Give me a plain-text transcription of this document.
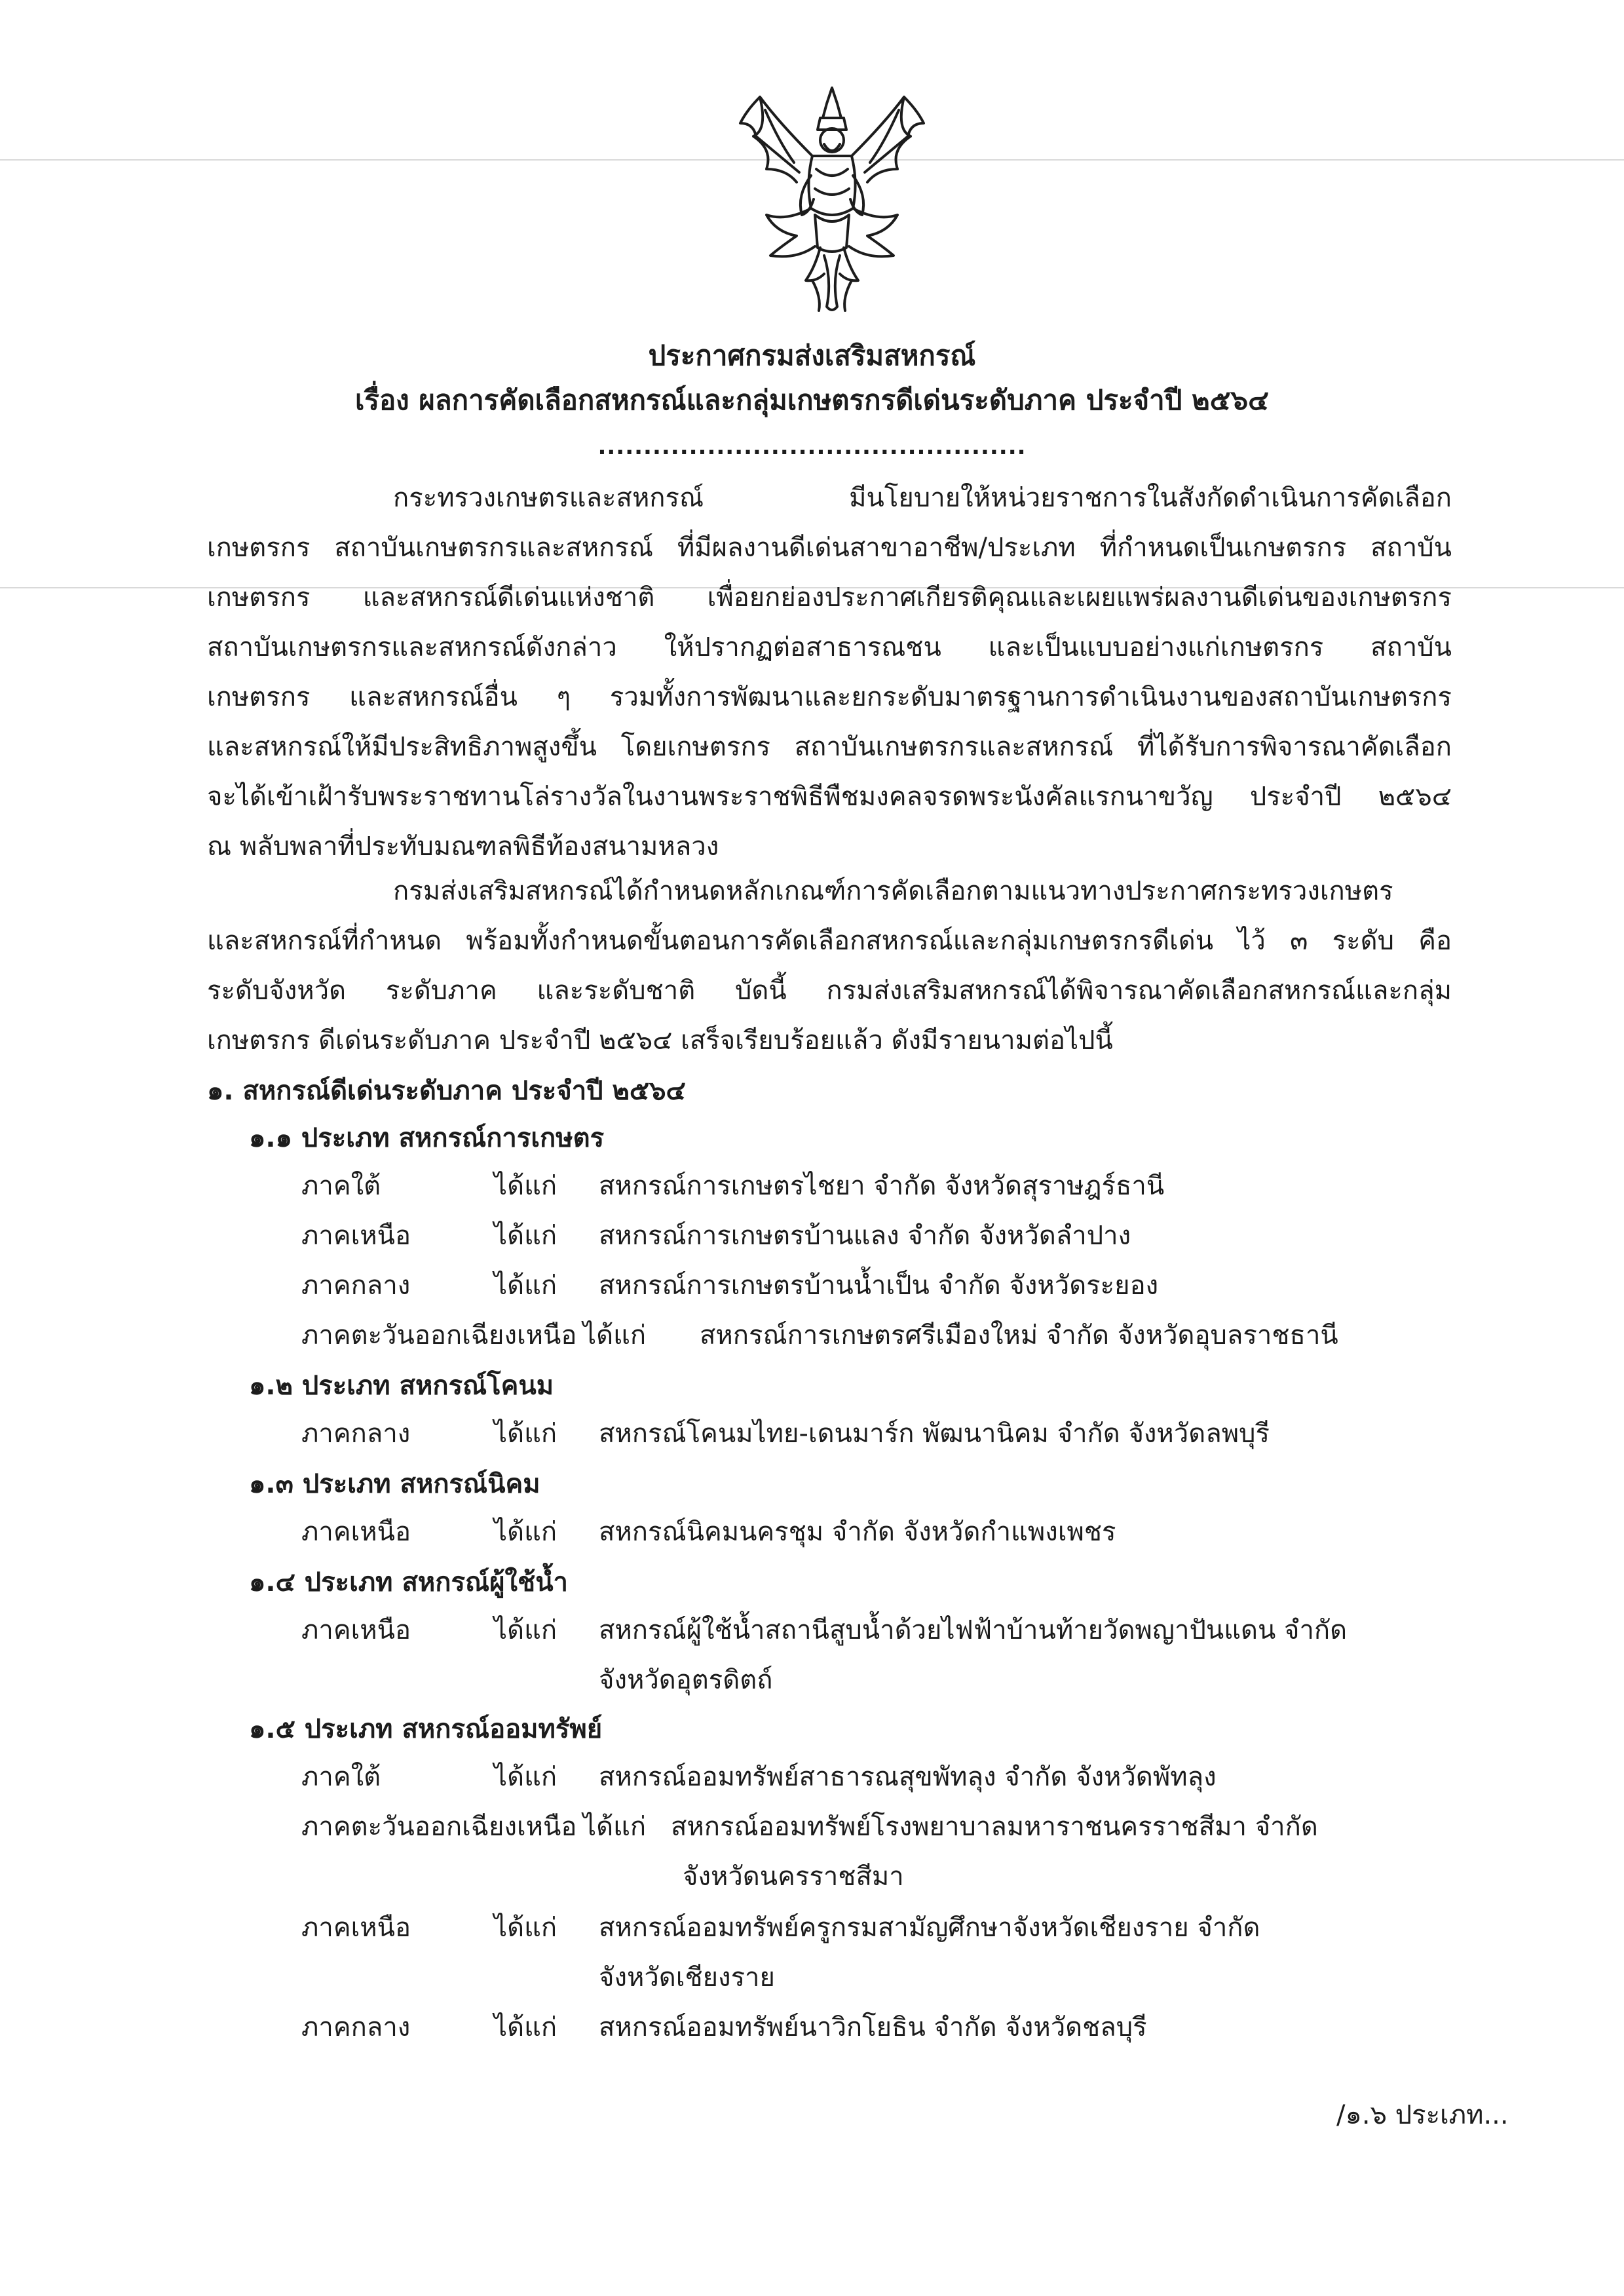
ประกาศกรมส่งเสริมสหกรณ์
เรื่อง ผลการคัดเลือกสหกรณ์และกลุ่มเกษตรกรดีเด่นระดับภาค ประจำปี ๒๕๖๔
...............................................
กระทรวงเกษตรและสหกรณ์ มีนโยบายให้หน่วยราชการในสังกัดดำเนินการคัดเลือก
เกษตรกร สถาบันเกษตรกรและสหกรณ์ ที่มีผลงานดีเด่นสาขาอาชีพ/ประเภท ที่กำหนดเป็นเกษตรกร สถาบัน
เกษตรกร และสหกรณ์ดีเด่นแห่งชาติ เพื่อยกย่องประกาศเกียรติคุณและเผยแพร่ผลงานดีเด่นของเกษตรกร
สถาบันเกษตรกรและสหกรณ์ดังกล่าว ให้ปรากฏต่อสาธารณชน และเป็นแบบอย่างแก่เกษตรกร สถาบัน
เกษตรกร และสหกรณ์อื่น ๆ รวมทั้งการพัฒนาและยกระดับมาตรฐานการดำเนินงานของสถาบันเกษตรกร
และสหกรณ์ให้มีประสิทธิภาพสูงขึ้น โดยเกษตรกร สถาบันเกษตรกรและสหกรณ์ ที่ได้รับการพิจารณาคัดเลือก
จะได้เข้าเฝ้ารับพระราชทานโล่รางวัลในงานพระราชพิธีพืชมงคลจรดพระนังคัลแรกนาขวัญ ประจำปี ๒๕๖๔
ณ พลับพลาที่ประทับมณฑลพิธีท้องสนามหลวง
กรมส่งเสริมสหกรณ์ได้กำหนดหลักเกณฑ์การคัดเลือกตามแนวทางประกาศกระทรวงเกษตร
และสหกรณ์ที่กำหนด พร้อมทั้งกำหนดขั้นตอนการคัดเลือกสหกรณ์และกลุ่มเกษตรกรดีเด่น ไว้ ๓ ระดับ คือ
ระดับจังหวัด ระดับภาค และระดับชาติ บัดนี้ กรมส่งเสริมสหกรณ์ได้พิจารณาคัดเลือกสหกรณ์และกลุ่ม
เกษตรกร ดีเด่นระดับภาค ประจำปี ๒๕๖๔ เสร็จเรียบร้อยแล้ว ดังมีรายนามต่อไปนี้
๑. สหกรณ์ดีเด่นระดับภาค ประจำปี ๒๕๖๔
๑.๑ ประเภท สหกรณ์การเกษตร
ภาคใต้	ได้แก่ สหกรณ์การเกษตรไชยา จำกัด จังหวัดสุราษฎร์ธานี
ภาคเหนือ	ได้แก่ สหกรณ์การเกษตรบ้านแลง จำกัด จังหวัดลำปาง
ภาคกลาง	ได้แก่ สหกรณ์การเกษตรบ้านน้ำเป็น จำกัด จังหวัดระยอง
ภาคตะวันออกเฉียงเหนือ ได้แก่ สหกรณ์การเกษตรศรีเมืองใหม่ จำกัด จังหวัดอุบลราชธานี
๑.๒ ประเภท สหกรณ์โคนม
ภาคกลาง	ได้แก่ สหกรณ์โคนมไทย-เดนมาร์ก พัฒนานิคม จำกัด จังหวัดลพบุรี
๑.๓ ประเภท สหกรณ์นิคม
ภาคเหนือ	ได้แก่ สหกรณ์นิคมนครชุม จำกัด จังหวัดกำแพงเพชร
๑.๔ ประเภท สหกรณ์ผู้ใช้น้ำ
ภาคเหนือ	ได้แก่ สหกรณ์ผู้ใช้น้ำสถานีสูบน้ำด้วยไฟฟ้าบ้านท้ายวัดพญาปันแดน จำกัด
จังหวัดอุตรดิตถ์
๑.๕ ประเภท สหกรณ์ออมทรัพย์
ภาคใต้	ได้แก่ สหกรณ์ออมทรัพย์สาธารณสุขพัทลุง จำกัด จังหวัดพัทลุง
ภาคตะวันออกเฉียงเหนือ ได้แก่ สหกรณ์ออมทรัพย์โรงพยาบาลมหาราชนครราชสีมา จำกัด
จังหวัดนครราชสีมา
ภาคเหนือ	ได้แก่ สหกรณ์ออมทรัพย์ครูกรมสามัญศึกษาจังหวัดเชียงราย จำกัด
จังหวัดเชียงราย
ภาคกลาง	ได้แก่ สหกรณ์ออมทรัพย์นาวิกโยธิน จำกัด จังหวัดชลบุรี
/๑.๖ ประเภท...
